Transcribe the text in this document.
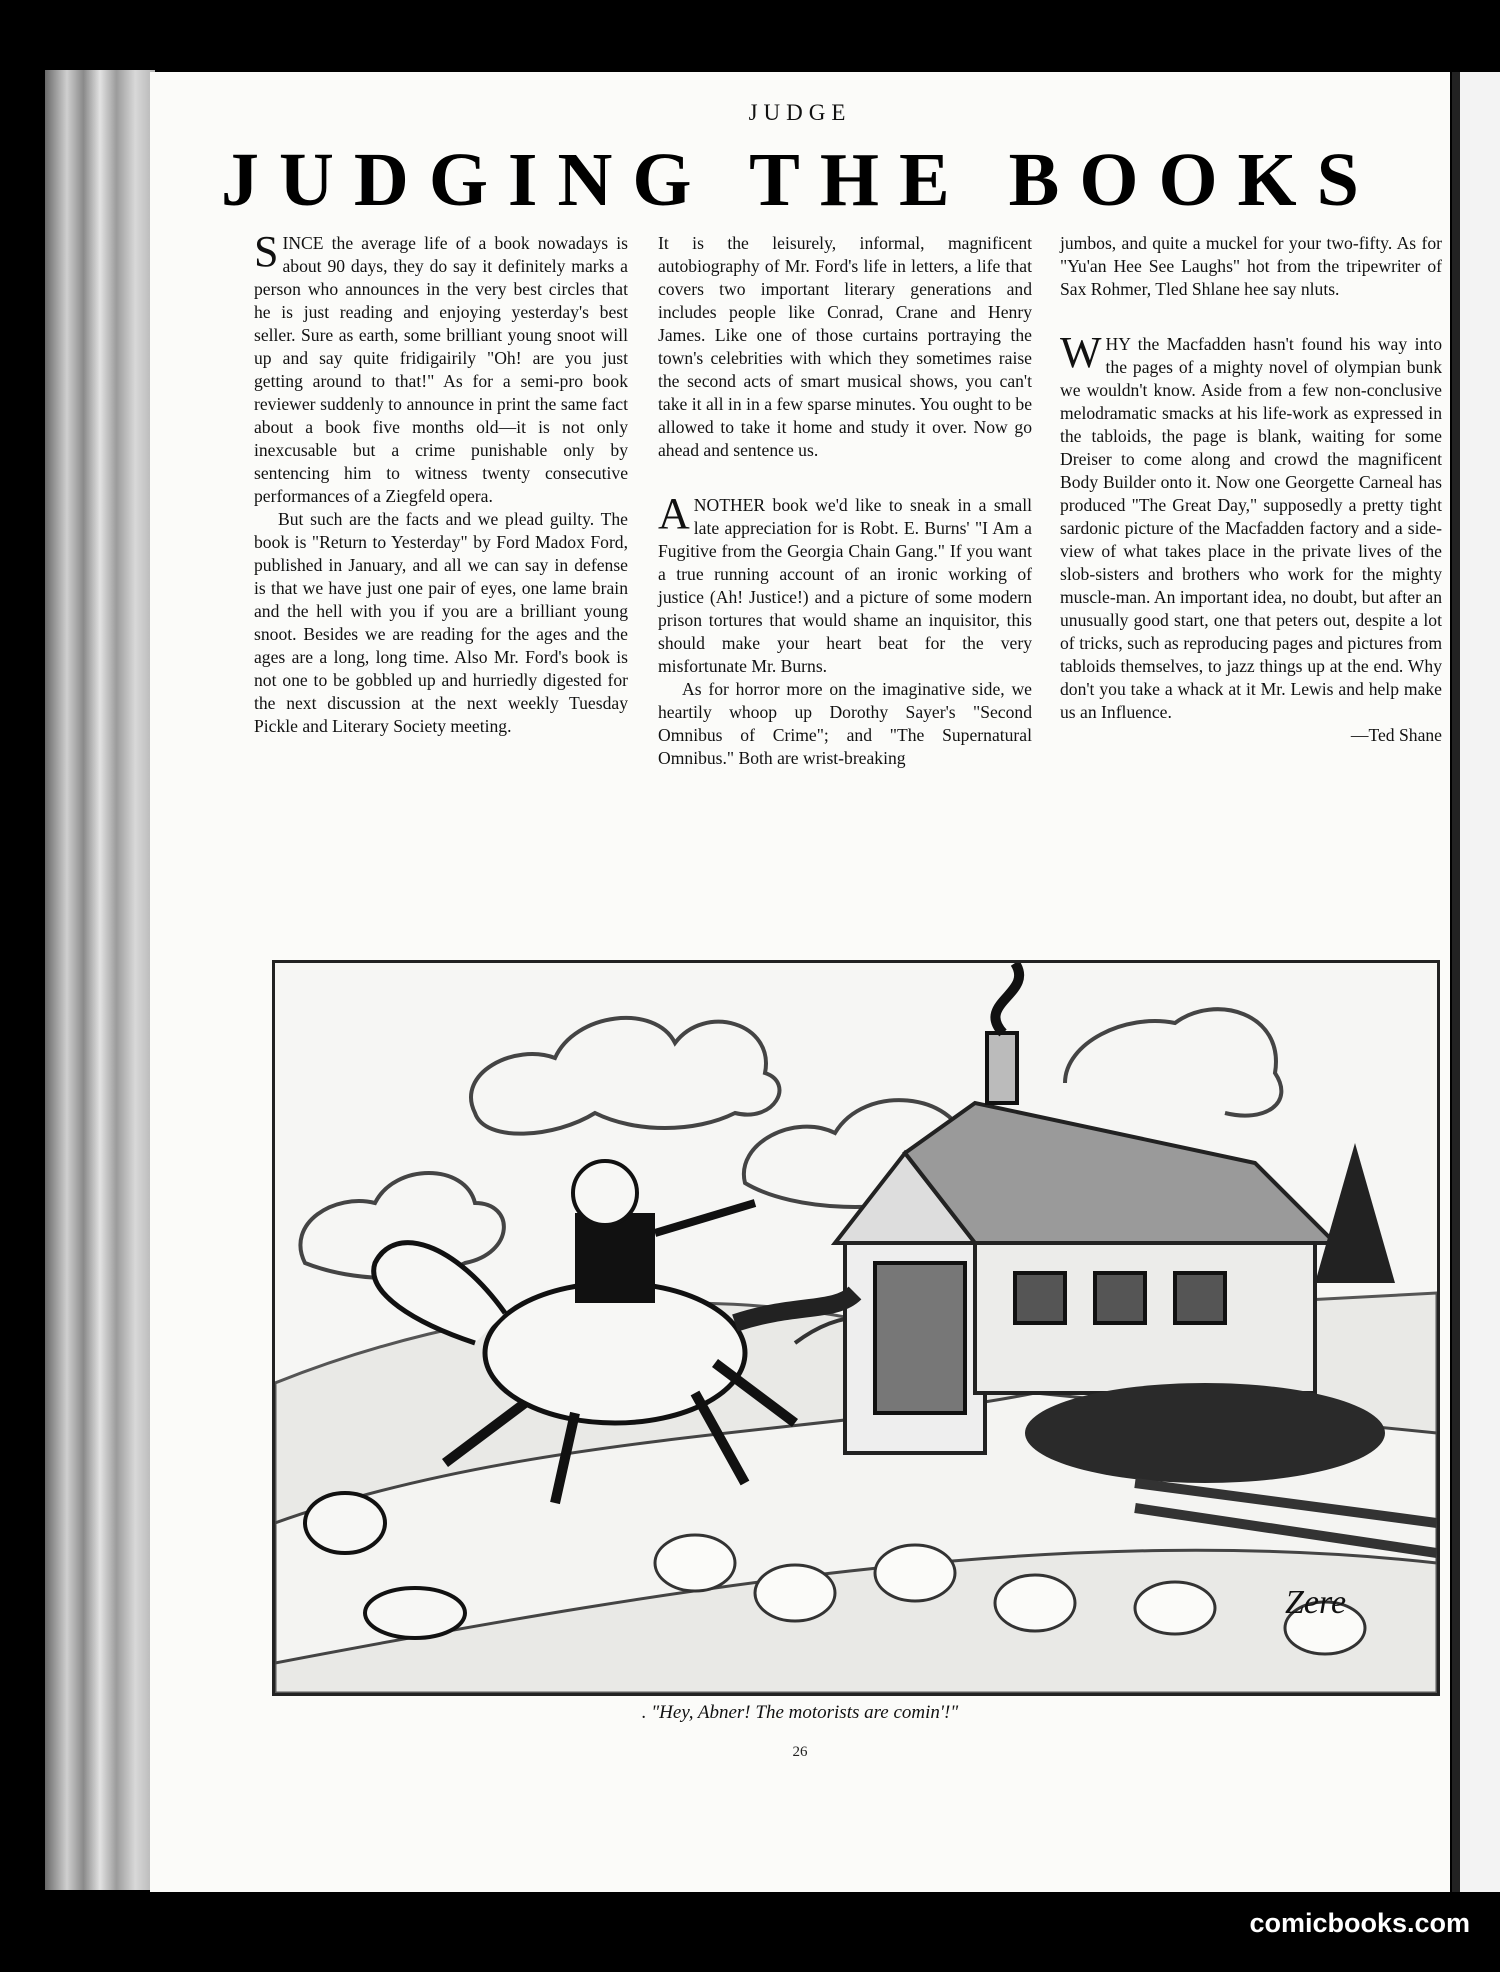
JUDGE
JUDGING THE BOOKS

SINCE the average life of a book nowadays is about 90 days, they do say it definitely marks a person who announces in the very best circles that he is just reading and enjoying yesterday's best seller. Sure as earth, some brilliant young snoot will up and say quite fridigairily "Oh! are you just getting around to that!" As for a semi-pro book reviewer suddenly to announce in print the same fact about a book five months old—it is not only inexcusable but a crime punishable only by sentencing him to witness twenty consecutive performances of a Ziegfeld opera.

But such are the facts and we plead guilty. The book is "Return to Yesterday" by Ford Madox Ford, published in January, and all we can say in defense is that we have just one pair of eyes, one lame brain and the hell with you if you are a brilliant young snoot. Besides we are reading for the ages and the ages are a long, long time. Also Mr. Ford's book is not one to be gobbled up and hurriedly digested for the next discussion at the next weekly Tuesday Pickle and Literary Society meeting.

It is the leisurely, informal, magnificent autobiography of Mr. Ford's life in letters, a life that covers two important literary generations and includes people like Conrad, Crane and Henry James. Like one of those curtains portraying the town's celebrities with which they sometimes raise the second acts of smart musical shows, you can't take it all in in a few sparse minutes. You ought to be allowed to take it home and study it over. Now go ahead and sentence us.

ANOTHER book we'd like to sneak in a small late appreciation for is Robt. E. Burns' "I Am a Fugitive from the Georgia Chain Gang." If you want a true running account of an ironic working of justice (Ah! Justice!) and a picture of some modern prison tortures that would shame an inquisitor, this should make your heart beat for the very misfortunate Mr. Burns.

As for horror more on the imaginative side, we heartily whoop up Dorothy Sayer's "Second Omnibus of Crime"; and "The Supernatural Omnibus." Both are wrist-breaking

jumbos, and quite a muckel for your two-fifty. As for "Yu'an Hee See Laughs" hot from the tripewriter of Sax Rohmer, Tled Shlane hee say nluts.

WHY the Macfadden hasn't found his way into the pages of a mighty novel of olympian bunk we wouldn't know. Aside from a few non-conclusive melodramatic smacks at his life-work as expressed in the tabloids, the page is blank, waiting for some Dreiser to come along and crowd the magnificent Body Builder onto it. Now one Georgette Carneal has produced "The Great Day," supposedly a pretty tight sardonic picture of the Macfadden factory and a side-view of what takes place in the private lives of the slob-sisters and brothers who work for the mighty muscle-man. An important idea, no doubt, but after an unusually good start, one that peters out, despite a lot of tricks, such as reproducing pages and pictures from tabloids themselves, to jazz things up at the end. Why don't you take a whack at it Mr. Lewis and help make us an Influence.

—Ted Shane

Zere

. "Hey, Abner! The motorists are comin'!"

26
comicbooks.com
